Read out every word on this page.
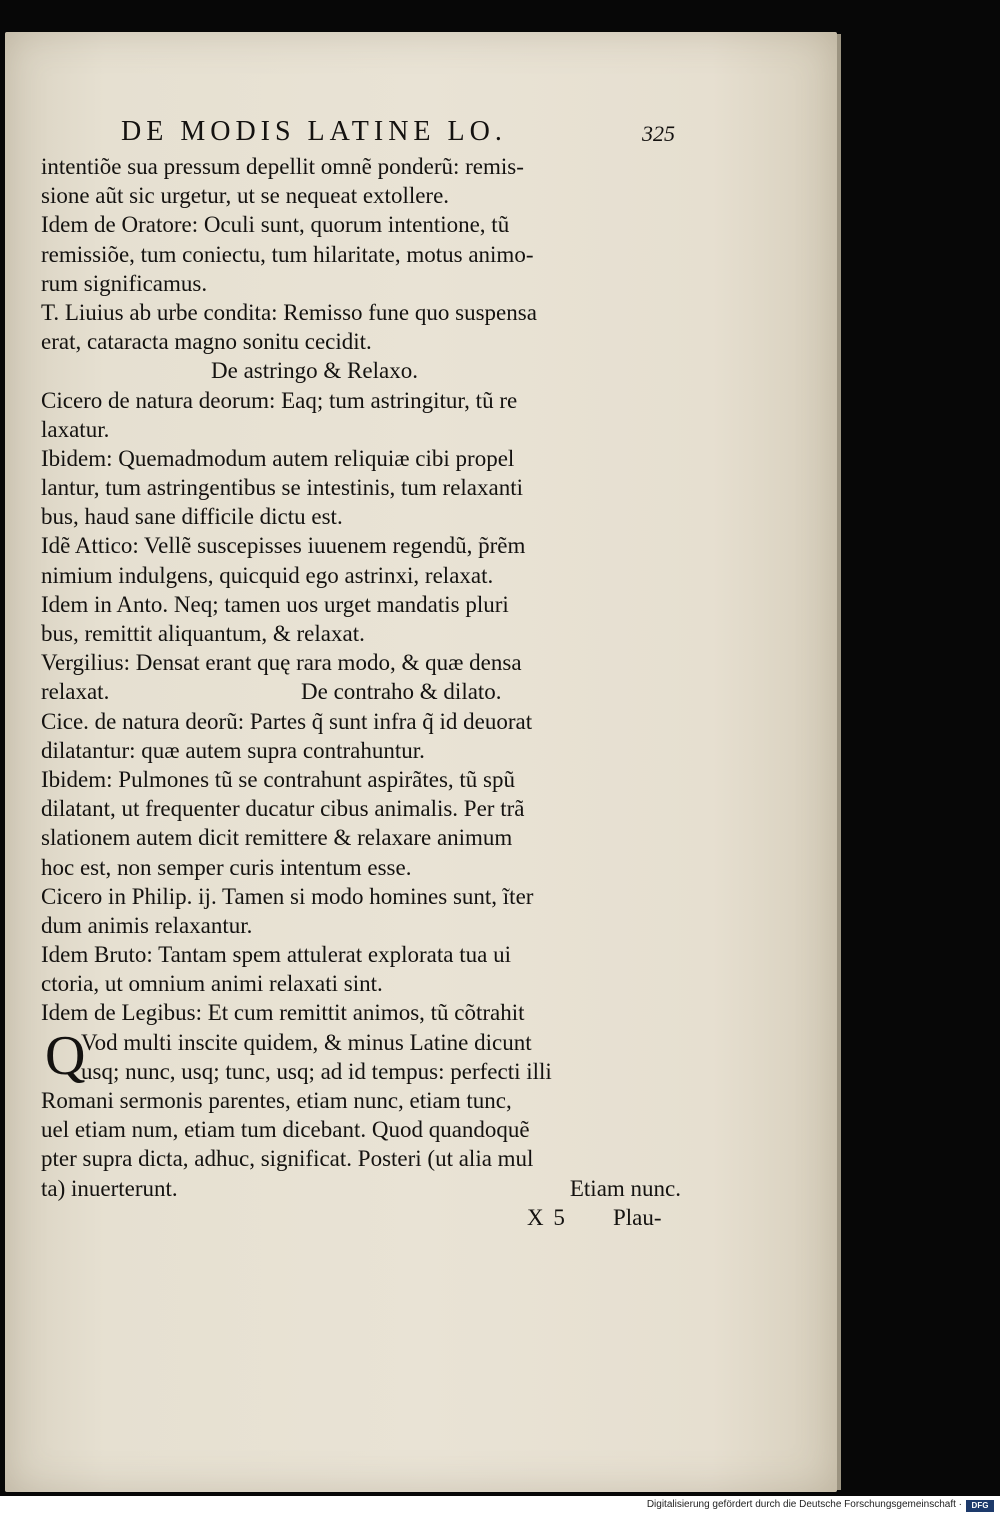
DE MODIS LATINE LO.	325
intentiõe sua pressum depellit omnẽ ponderũ: remis-
sione aũt sic urgetur, ut se nequeat extollere.
Idem de Oratore: Oculi sunt, quorum intentione, tũ
remissiõe, tum coniectu, tum hilaritate, motus animo-
rum significamus.
T. Liuius ab urbe condita: Remisso fune quo suspensa
erat, cataracta magno sonitu cecidit.
De astringo & Relaxo.
Cicero de natura deorum: Eaq; tum astringitur, tũ re
laxatur.
Ibidem: Quemadmodum autem reliquiæ cibi propel
lantur, tum astringentibus se intestinis, tum relaxanti
bus, haud sane difficile dictu est.
Idẽ Attico: Vellẽ suscepisses iuuenem regendũ, p̃rẽm
nimium indulgens, quicquid ego astrinxi, relaxat.
Idem in Anto. Neq; tamen uos urget mandatis pluri
bus, remittit aliquantum, & relaxat.
Vergilius: Densat erant quę rara modo, & quæ densa
relaxat.	De contraho & dilato.
Cice. de natura deorũ: Partes q̃ sunt infra q̃ id deuorat
dilatantur: quæ autem supra contrahuntur.
Ibidem: Pulmones tũ se contrahunt aspirãtes, tũ spũ
dilatant, ut frequenter ducatur cibus animalis. Per trã
slationem autem dicit remittere & relaxare animum
hoc est, non semper curis intentum esse.
Cicero in Philip. ij. Tamen si modo homines sunt, ĩter
dum animis relaxantur.
Idem Bruto: Tantam spem attulerat explorata tua ui
ctoria, ut omnium animi relaxati sint.
Idem de Legibus: Et cum remittit animos, tũ cõtrahit
Q
Vod multi inscite quidem, & minus Latine dicunt
usq; nunc, usq; tunc, usq; ad id tempus: perfecti illi
Romani sermonis parentes, etiam nunc, etiam tunc,
uel etiam num, etiam tum dicebant. Quod quandoquẽ
pter supra dicta, adhuc, significat. Posteri (ut alia mul
ta) inuerterunt.	Etiam nunc.
X 5 Plau-
Digitalisierung gefördert durch die Deutsche Forschungsgemeinschaft ·	DFG
